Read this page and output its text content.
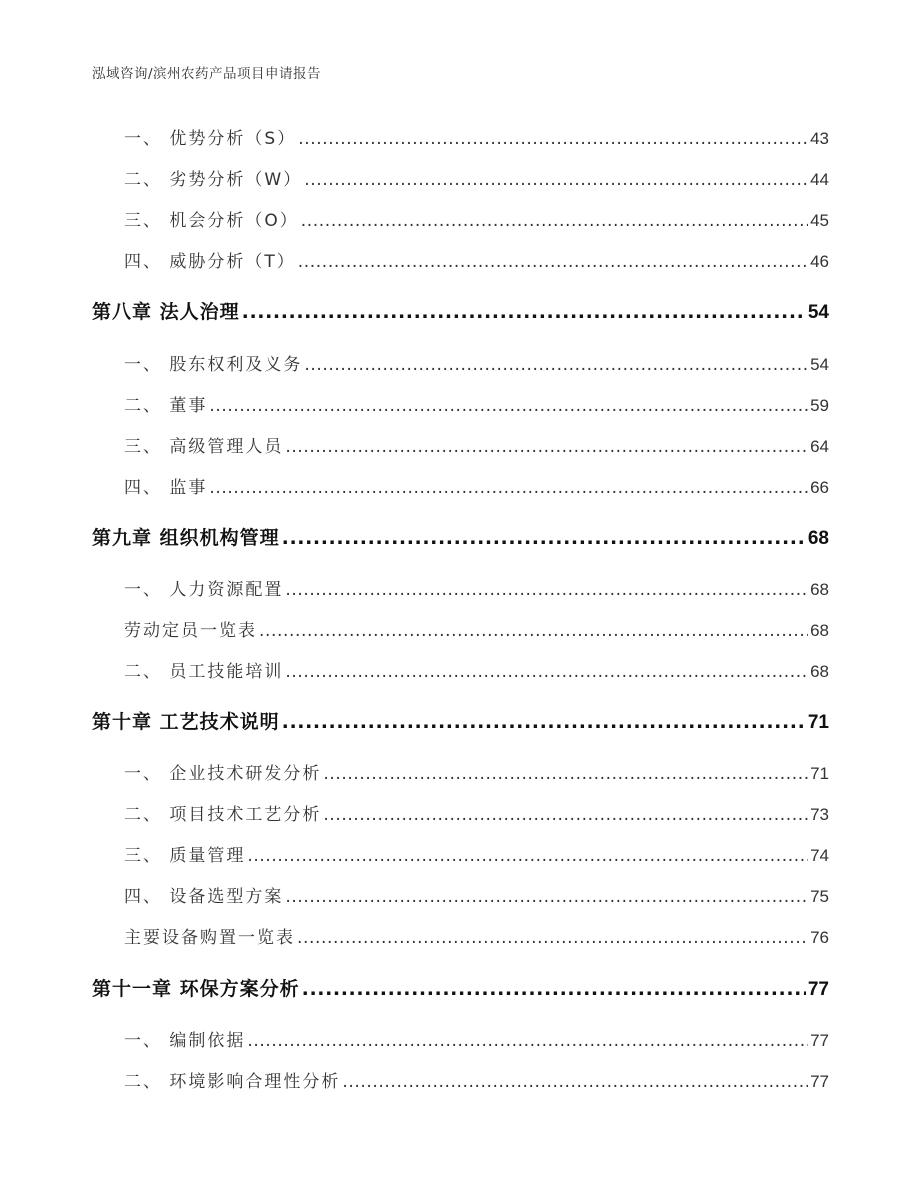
泓域咨询/滨州农药产品项目申请报告
一、 优势分析（S） .....	43
二、 劣势分析（W） .....	44
三、 机会分析（O） .....	45
四、 威胁分析（T） .....	46
第八章 法人治理 .....	54
一、 股东权利及义务 .....	54
二、 董事 .....	59
三、 高级管理人员 .....	64
四、 监事 .....	66
第九章 组织机构管理 .....	68
一、 人力资源配置 .....	68
劳动定员一览表 .....	68
二、 员工技能培训 .....	68
第十章 工艺技术说明 .....	71
一、 企业技术研发分析 .....	71
二、 项目技术工艺分析 .....	73
三、 质量管理 .....	74
四、 设备选型方案 .....	75
主要设备购置一览表 .....	76
第十一章 环保方案分析 .....	77
一、 编制依据 .....	77
二、 环境影响合理性分析 .....	77
